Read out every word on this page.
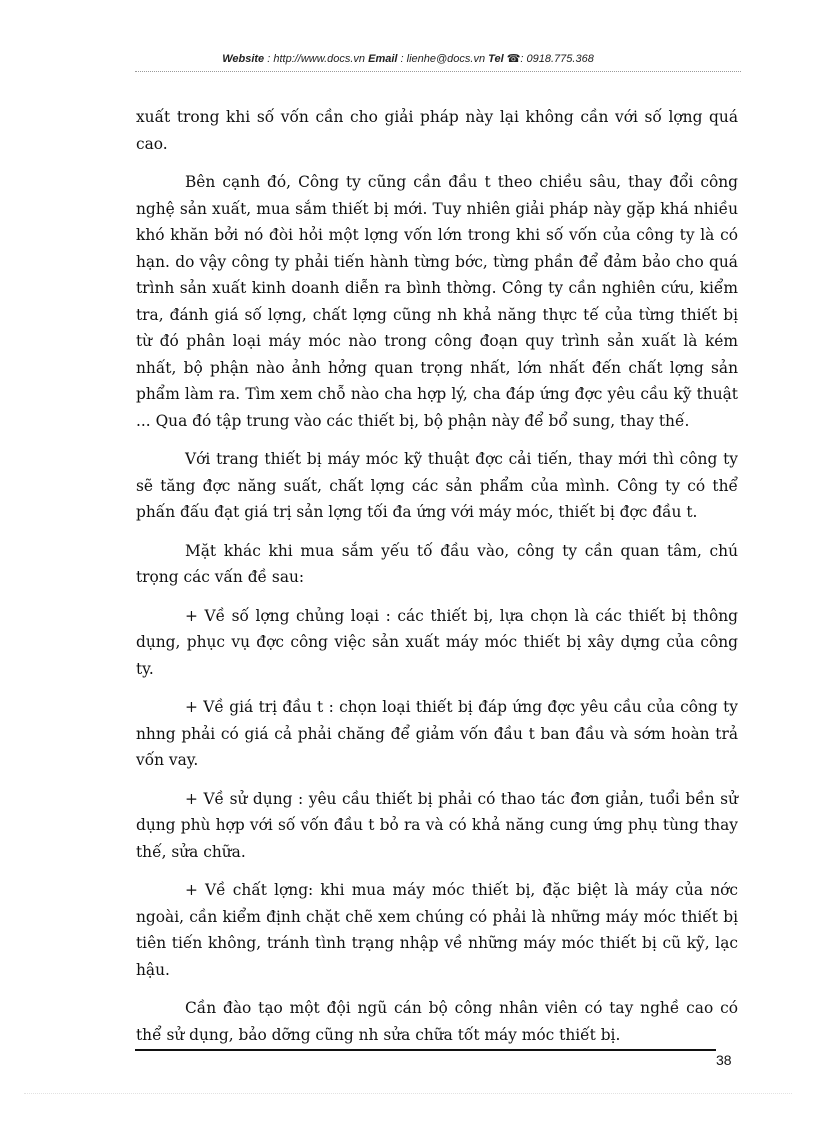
Website : http://www.docs.vn Email : lienhe@docs.vn Tel ☎: 0918.775.368

xuất trong khi số vốn cần cho giải pháp này lại không cần với số lợng quá cao.

Bên cạnh đó, Công ty cũng cần đầu t theo chiều sâu, thay đổi công nghệ sản xuất, mua sắm thiết bị mới. Tuy nhiên giải pháp này gặp khá nhiều khó khăn bởi nó đòi hỏi một lợng vốn lớn trong khi số vốn của công ty là có hạn. do vậy công ty phải tiến hành từng bớc, từng phần để đảm bảo cho quá trình sản xuất kinh doanh diễn ra bình thờng. Công ty cần nghiên cứu, kiểm tra, đánh giá số lợng, chất lợng cũng nh khả năng thực tế của từng thiết bị từ đó phân loại máy móc nào trong công đoạn quy trình sản xuất là kém nhất, bộ phận nào ảnh hởng quan trọng nhất, lớn nhất đến chất lợng sản phẩm làm ra. Tìm xem chỗ nào cha hợp lý, cha đáp ứng đợc yêu cầu kỹ thuật ... Qua đó tập trung vào các thiết bị, bộ phận này để bổ sung, thay thế.

Với trang thiết bị máy móc kỹ thuật đợc cải tiến, thay mới thì công ty sẽ tăng đợc năng suất, chất lợng các sản phẩm của mình. Công ty có thể phấn đấu đạt giá trị sản lợng tối đa ứng với máy móc, thiết bị đợc đầu t.

Mặt khác khi mua sắm yếu tố đầu vào, công ty cần quan tâm, chú trọng các vấn đề sau:

+ Về số lợng chủng loại : các thiết bị, lựa chọn là các thiết bị thông dụng, phục vụ đợc công việc sản xuất máy móc thiết bị xây dựng của công ty.

+ Về giá trị đầu t : chọn loại thiết bị đáp ứng đợc yêu cầu của công ty nhng phải có giá cả phải chăng để giảm vốn đầu t ban đầu và sớm hoàn trả vốn vay.

+ Về sử dụng : yêu cầu thiết bị phải có thao tác đơn giản, tuổi bền sử dụng phù hợp với số vốn đầu t bỏ ra và có khả năng cung ứng phụ tùng thay thế, sửa chữa.

+ Về chất lợng: khi mua máy móc thiết bị, đặc biệt là máy của nớc ngoài, cần kiểm định chặt chẽ xem chúng có phải là những máy móc thiết bị tiên tiến không, tránh tình trạng nhập về những máy móc thiết bị cũ kỹ, lạc hậu.

Cần đào tạo một đội ngũ cán bộ công nhân viên có tay nghề cao có thể sử dụng, bảo dỡng cũng nh sửa chữa tốt máy móc thiết bị.

38
